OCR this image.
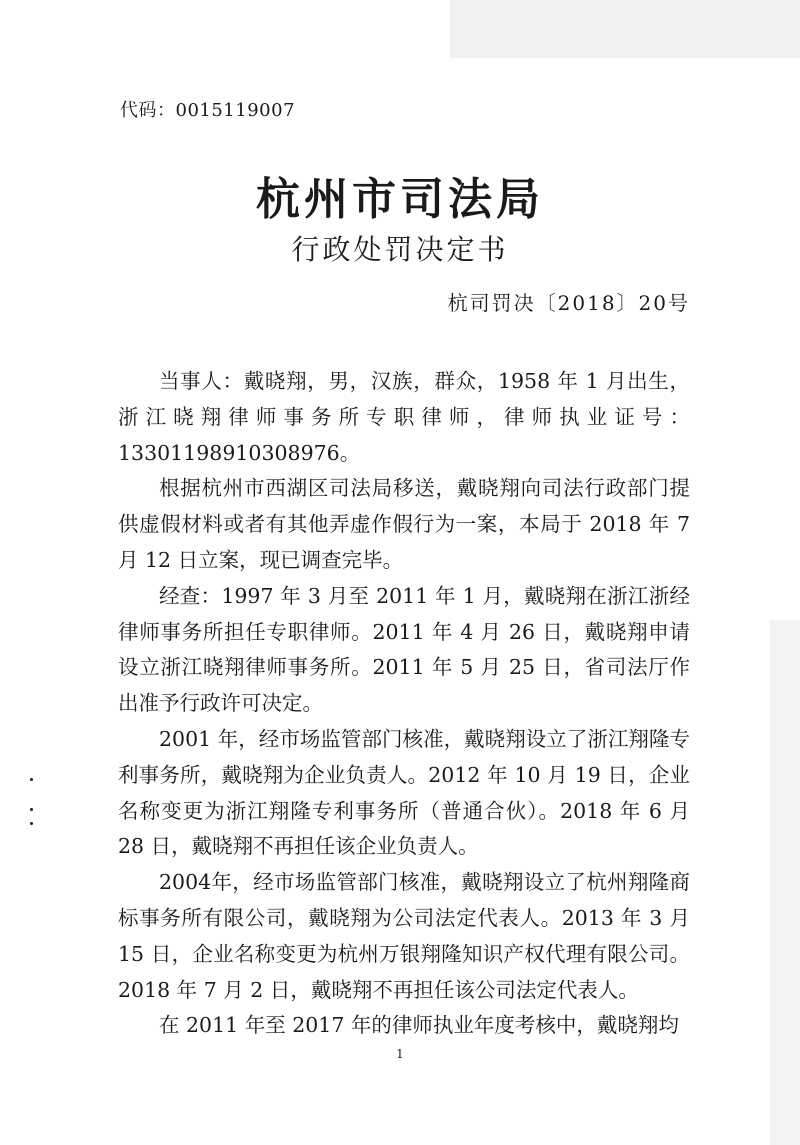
代码：0015119007
杭州市司法局
行政处罚决定书
杭司罚决〔2018〕20号

当事人：戴晓翔，男，汉族，群众，1958 年 1 月出生，浙江晓翔律师事务所专职律师，律师执业证号：13301198910308976。

根据杭州市西湖区司法局移送，戴晓翔向司法行政部门提供虚假材料或者有其他弄虚作假行为一案，本局于 2018 年 7 月 12 日立案，现已调查完毕。

经查：1997 年 3 月至 2011 年 1 月，戴晓翔在浙江浙经律师事务所担任专职律师。2011 年 4 月 26 日，戴晓翔申请设立浙江晓翔律师事务所。2011 年 5 月 25 日，省司法厅作出准予行政许可决定。

2001 年，经市场监管部门核准，戴晓翔设立了浙江翔隆专利事务所，戴晓翔为企业负责人。2012 年 10 月 19 日，企业名称变更为浙江翔隆专利事务所（普通合伙）。2018 年 6 月 28 日，戴晓翔不再担任该企业负责人。

2004年，经市场监管部门核准，戴晓翔设立了杭州翔隆商标事务所有限公司，戴晓翔为公司法定代表人。2013 年 3 月 15 日，企业名称变更为杭州万银翔隆知识产权代理有限公司。2018 年 7 月 2 日，戴晓翔不再担任该公司法定代表人。

在 2011 年至 2017 年的律师执业年度考核中，戴晓翔均

1
